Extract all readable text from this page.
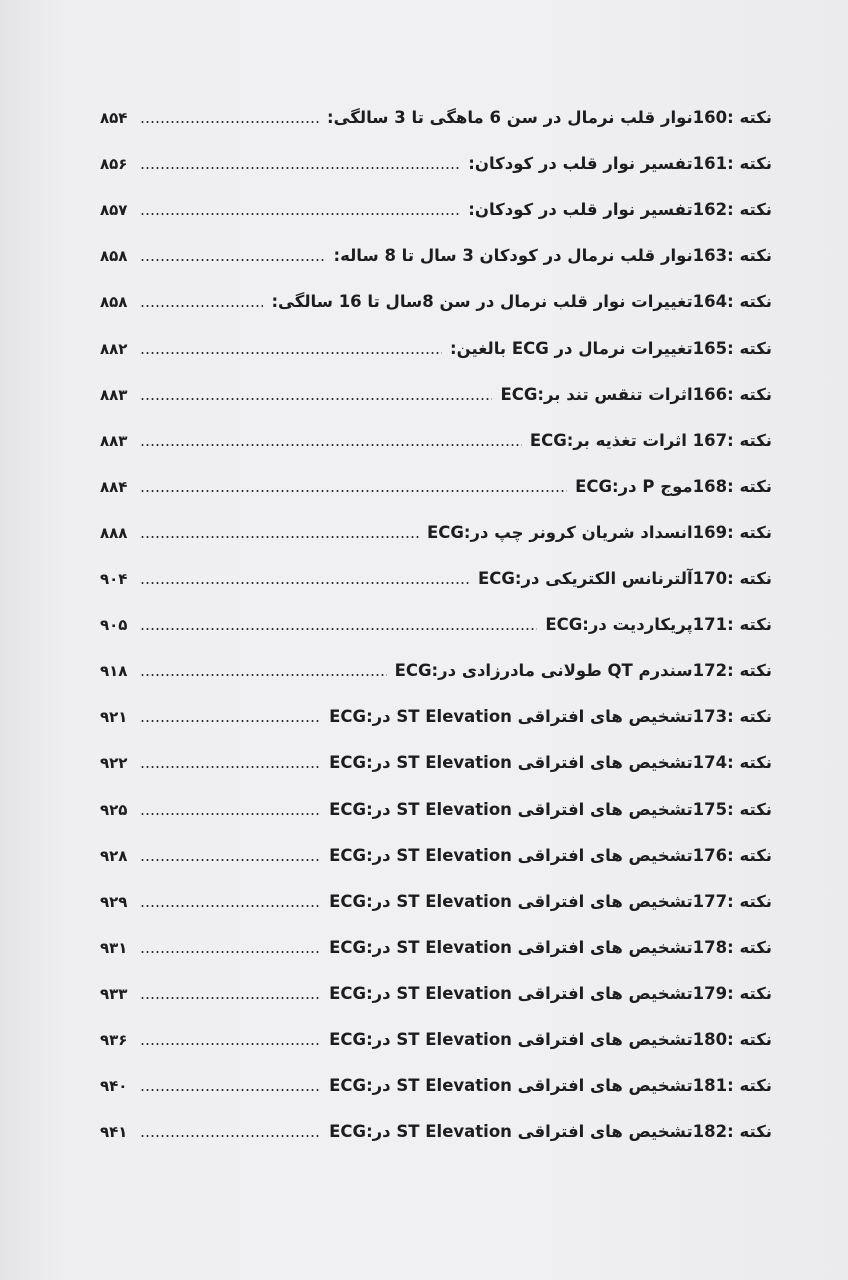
نکته :160نوار قلب نرمال در سن 6 ماهگی تا 3 سالگی:
۸۵۴
نکته :161تفسیر نوار قلب در کودکان:
۸۵۶
نکته :162تفسیر نوار قلب در کودکان:
۸۵۷
نکته :163نوار قلب نرمال در کودکان 3 سال تا 8 ساله:
۸۵۸
نکته :164تغییرات نوار قلب نرمال در سن 8سال تا 16 سالگی:
۸۵۸
نکته :165تغییرات نرمال در ECG بالغین:
۸۸۲
نکته :166اثرات تنقس تند بر:ECG
۸۸۳
نکته :167 اثرات تغذیه بر:ECG
۸۸۳
نکته :168موج P در:ECG
۸۸۴
نکته :169انسداد شریان کرونر چپ در:ECG
۸۸۸
نکته :170آلترنانس الکتریکی در:ECG
۹۰۴
نکته :171پریکاردیت در:ECG
۹۰۵
نکته :172سندرم QT طولانی مادرزادی در:ECG
۹۱۸
نکته :173تشخیص های افتراقی ST Elevation در:ECG
۹۲۱
نکته :174تشخیص های افتراقی ST Elevation در:ECG
۹۲۲
نکته :175تشخیص های افتراقی ST Elevation در:ECG
۹۲۵
نکته :176تشخیص های افتراقی ST Elevation در:ECG
۹۲۸
نکته :177تشخیص های افتراقی ST Elevation در:ECG
۹۲۹
نکته :178تشخیص های افتراقی ST Elevation در:ECG
۹۳۱
نکته :179تشخیص های افتراقی ST Elevation در:ECG
۹۳۳
نکته :180تشخیص های افتراقی ST Elevation در:ECG
۹۳۶
نکته :181تشخیص های افتراقی ST Elevation در:ECG
۹۴۰
نکته :182تشخیص های افتراقی ST Elevation در:ECG
۹۴۱
